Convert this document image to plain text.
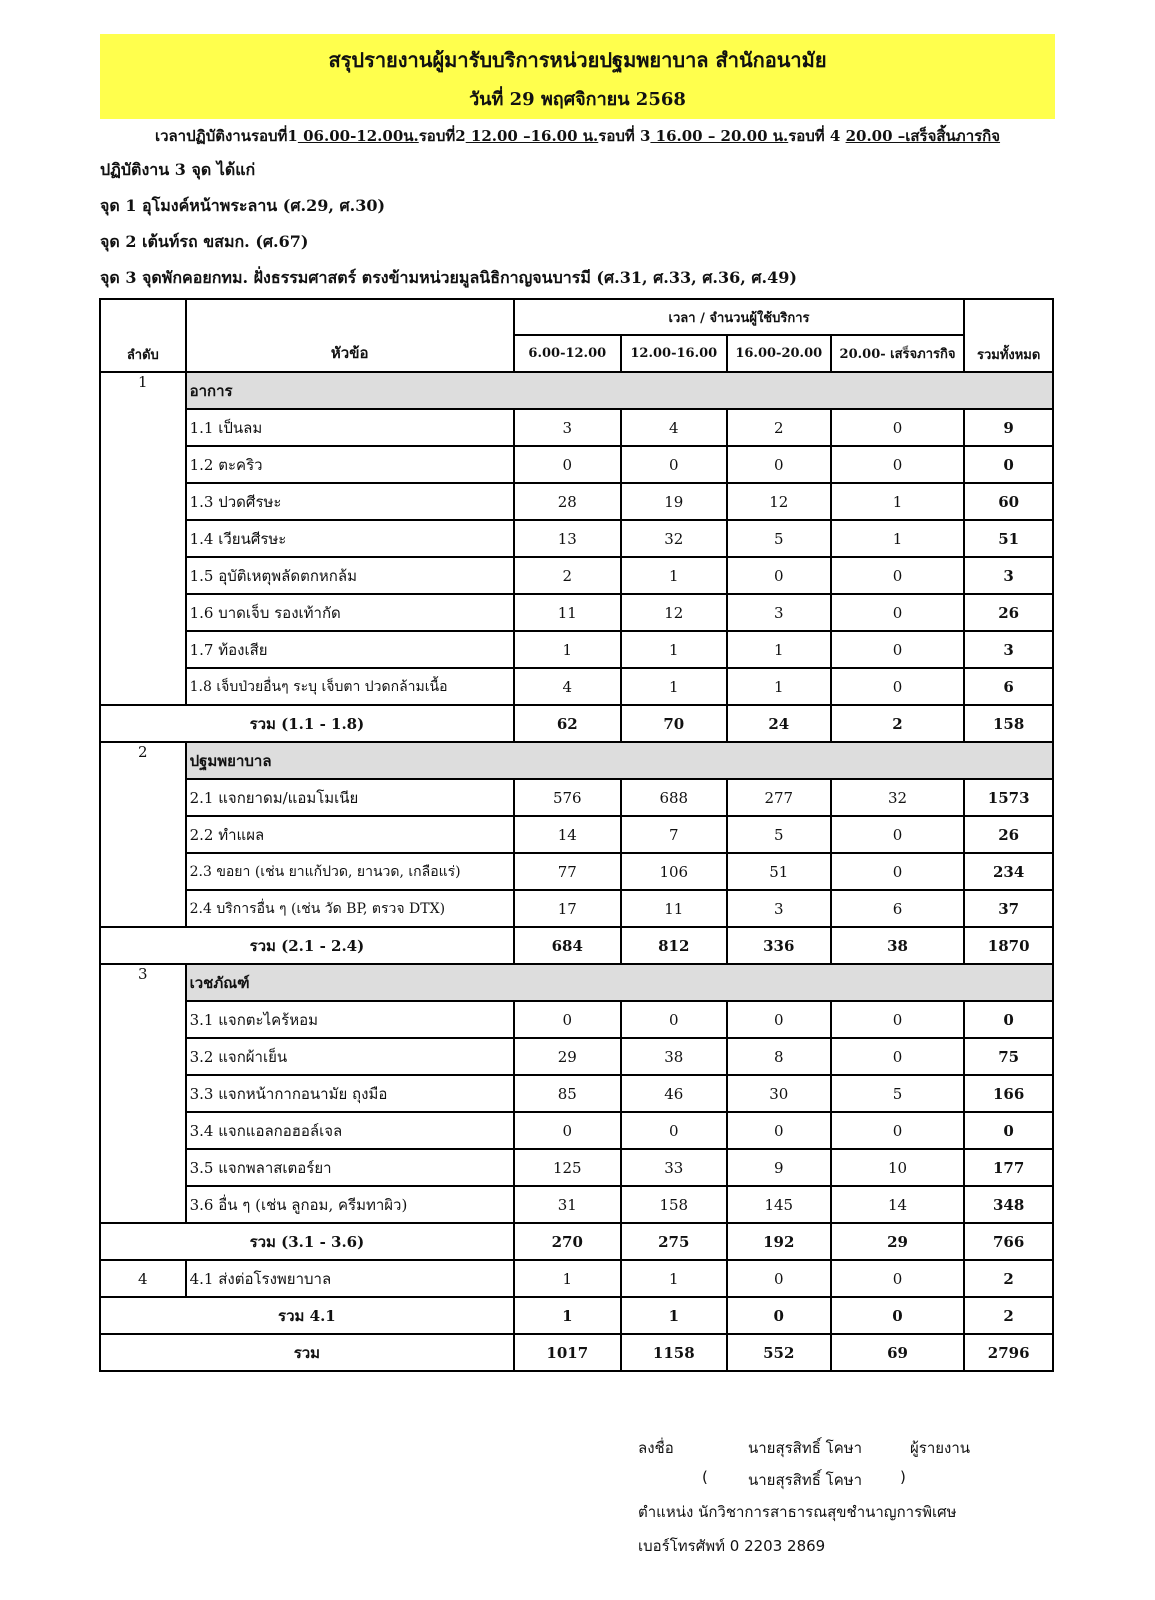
สรุปรายงานผู้มารับบริการหน่วยปฐมพยาบาล สำนักอนามัย
วันที่ 29 พฤศจิกายน 2568
เวลาปฏิบัติงานรอบที่1 06.00-12.00น.รอบที่2 12.00 –16.00 น.รอบที่ 3 16.00 – 20.00 น.รอบที่ 4 20.00 –เสร็จสิ้นภารกิจ
ปฏิบัติงาน 3 จุด ได้แก่
จุด 1 อุโมงค์หน้าพระลาน (ศ.29, ศ.30)
จุด 2 เต้นท์รถ ขสมก. (ศ.67)
จุด 3 จุดพักคอยกทม. ฝั่งธรรมศาสตร์ ตรงข้ามหน่วยมูลนิธิกาญจนบารมี (ศ.31, ศ.33, ศ.36, ศ.49)
ลำดับ	หัวข้อ	เวลา / จำนวนผู้ใช้บริการ				รวมทั้งหมด
		6.00-12.00	12.00-16.00	16.00-20.00	20.00- เสร็จภารกิจ	
1	อาการ					
	1.1 เป็นลม	3	4	2	0	9
	1.2 ตะคริว	0	0	0	0	0
	1.3 ปวดศีรษะ	28	19	12	1	60
	1.4 เวียนศีรษะ	13	32	5	1	51
	1.5 อุบัติเหตุพลัดตกหกล้ม	2	1	0	0	3
	1.6 บาดเจ็บ รองเท้ากัด	11	12	3	0	26
	1.7 ท้องเสีย	1	1	1	0	3
	1.8 เจ็บป่วยอื่นๆ ระบุ เจ็บตา ปวดกล้ามเนื้อ	4	1	1	0	6
รวม (1.1 - 1.8)		62	70	24	2	158
2	ปฐมพยาบาล					
	2.1 แจกยาดม/แอมโมเนีย	576	688	277	32	1573
	2.2 ทำแผล	14	7	5	0	26
	2.3 ขอยา (เช่น ยาแก้ปวด, ยานวด, เกลือแร่)	77	106	51	0	234
	2.4 บริการอื่น ๆ (เช่น วัด BP, ตรวจ DTX)	17	11	3	6	37
รวม (2.1 - 2.4)		684	812	336	38	1870
3	เวชภัณฑ์					
	3.1 แจกตะไคร้หอม	0	0	0	0	0
	3.2 แจกผ้าเย็น	29	38	8	0	75
	3.3 แจกหน้ากากอนามัย ถุงมือ	85	46	30	5	166
	3.4 แจกแอลกอฮอล์เจล	0	0	0	0	0
	3.5 แจกพลาสเตอร์ยา	125	33	9	10	177
	3.6 อื่น ๆ (เช่น ลูกอม, ครีมทาผิว)	31	158	145	14	348
รวม (3.1 - 3.6)		270	275	192	29	766
4	4.1 ส่งต่อโรงพยาบาล	1	1	0	0	2
รวม 4.1		1	1	0	0	2
รวม		1017	1158	552	69	2796
ลงชื่อ	นายสุรสิทธิ์ โคษา	ผู้รายงาน
(	นายสุรสิทธิ์ โคษา	)
ตำแหน่ง นักวิชาการสาธารณสุขชำนาญการพิเศษ
เบอร์โทรศัพท์ 0 2203 2869
